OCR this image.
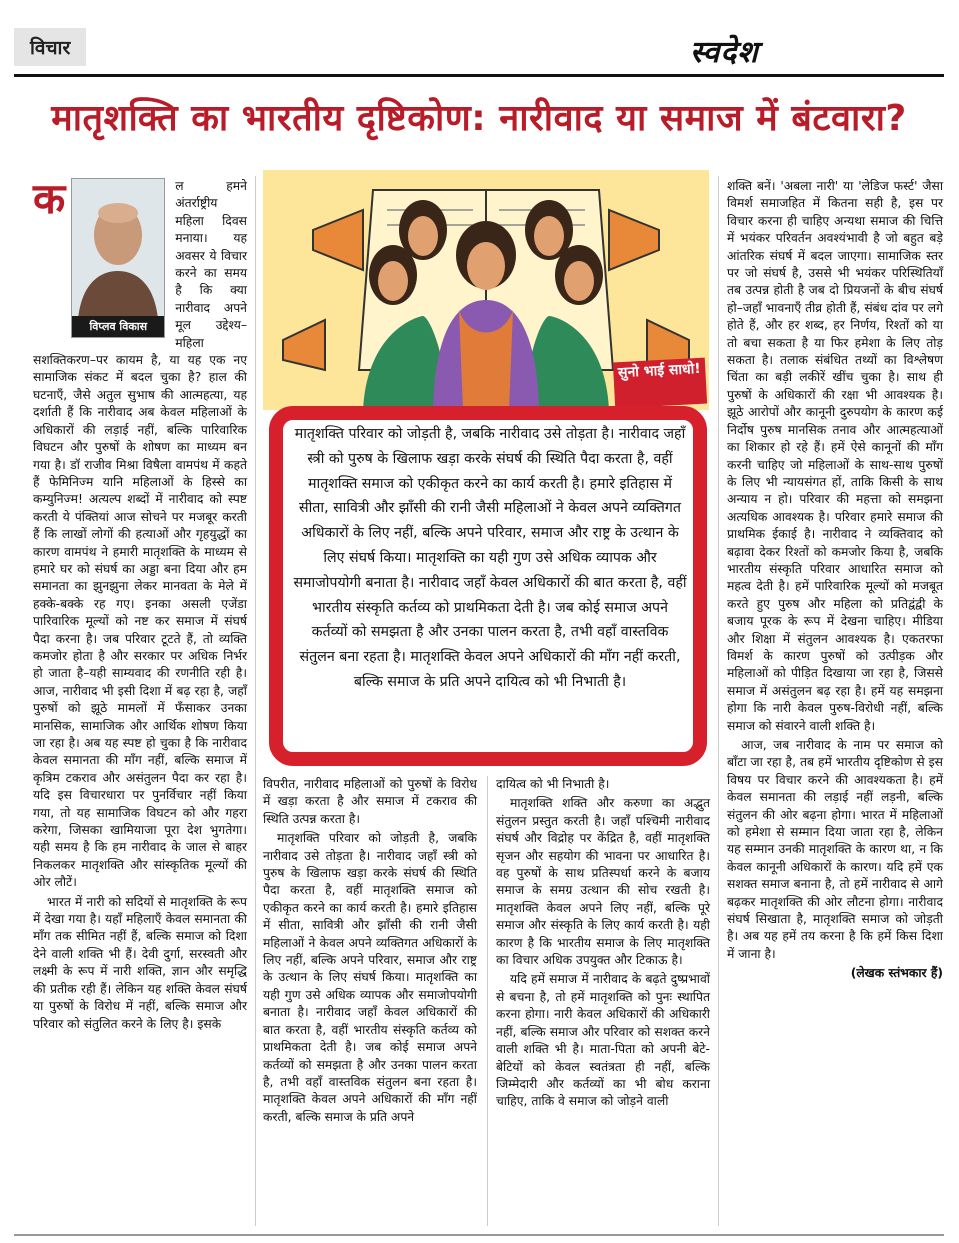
विचार	स्वदेश
मातृशक्ति का भारतीय दृष्टिकोण: नारीवाद या समाज में बंटवारा?

क
विप्लव विकास
ल हमने अंतर्राष्ट्रीय महिला दिवस मनाया। यह अवसर ये विचार करने का समय है कि क्या नारीवाद अपने मूल उद्देश्य–महिला सशक्तिकरण–पर कायम है, या यह एक नए सामाजिक संकट में बदल चुका है? हाल की घटनाएँ, जैसे अतुल सुभाष की आत्महत्या, यह दर्शाती हैं कि नारीवाद अब केवल महिलाओं के अधिकारों की लड़ाई नहीं, बल्कि पारिवारिक विघटन और पुरुषों के शोषण का माध्यम बन गया है। डॉ राजीव मिश्रा विषैला वामपंथ में कहते हैं फेमिनिज्म यानि महिलाओं के हिस्से का कम्युनिज्म! अत्यल्प शब्दों में नारीवाद को स्पष्ट करती ये पंक्तियां आज सोचने पर मजबूर करती हैं कि लाखों लोगों की हत्याओं और गृहयुद्धों का कारण वामपंथ ने हमारी मातृशक्ति के माध्यम से हमारे घर को संघर्ष का अड्डा बना दिया और हम समानता का झुनझुना लेकर मानवता के मेले में हक्के-बक्के रह गए। इनका असली एजेंडा पारिवारिक मूल्यों को नष्ट कर समाज में संघर्ष पैदा करना है। जब परिवार टूटते हैं, तो व्यक्ति कमजोर होता है और सरकार पर अधिक निर्भर हो जाता है–यही साम्यवाद की रणनीति रही है। आज, नारीवाद भी इसी दिशा में बढ़ रहा है, जहाँ पुरुषों को झूठे मामलों में फँसाकर उनका मानसिक, सामाजिक और आर्थिक शोषण किया जा रहा है। अब यह स्पष्ट हो चुका है कि नारीवाद केवल समानता की माँग नहीं, बल्कि समाज में कृत्रिम टकराव और असंतुलन पैदा कर रहा है। यदि इस विचारधारा पर पुनर्विचार नहीं किया गया, तो यह सामाजिक विघटन को और गहरा करेगा, जिसका खामियाजा पूरा देश भुगतेगा। यही समय है कि हम नारीवाद के जाल से बाहर निकलकर मातृशक्ति और सांस्कृतिक मूल्यों की ओर लौटें।

भारत में नारी को सदियों से मातृशक्ति के रूप में देखा गया है। यहाँ महिलाएँ केवल समानता की माँग तक सीमित नहीं हैं, बल्कि समाज को दिशा देने वाली शक्ति भी हैं। देवी दुर्गा, सरस्वती और लक्ष्मी के रूप में नारी शक्ति, ज्ञान और समृद्धि की प्रतीक रही हैं। लेकिन यह शक्ति केवल संघर्ष या पुरुषों के विरोध में नहीं, बल्कि समाज और परिवार को संतुलित करने के लिए है। इसके

सुनो भाई साधो!
मातृशक्ति परिवार को जोड़ती है, जबकि नारीवाद उसे तोड़ता है। नारीवाद जहाँ स्त्री को पुरुष के खिलाफ खड़ा करके संघर्ष की स्थिति पैदा करता है, वहीं मातृशक्ति समाज को एकीकृत करने का कार्य करती है। हमारे इतिहास में सीता, सावित्री और झाँसी की रानी जैसी महिलाओं ने केवल अपने व्यक्तिगत अधिकारों के लिए नहीं, बल्कि अपने परिवार, समाज और राष्ट्र के उत्थान के लिए संघर्ष किया। मातृशक्ति का यही गुण उसे अधिक व्यापक और समाजोपयोगी बनाता है। नारीवाद जहाँ केवल अधिकारों की बात करता है, वहीं भारतीय संस्कृति कर्तव्य को प्राथमिकता देती है। जब कोई समाज अपने कर्तव्यों को समझता है और उनका पालन करता है, तभी वहाँ वास्तविक संतुलन बना रहता है। मातृशक्ति केवल अपने अधिकारों की माँग नहीं करती, बल्कि समाज के प्रति अपने दायित्व को भी निभाती है।

विपरीत, नारीवाद महिलाओं को पुरुषों के विरोध में खड़ा करता है और समाज में टकराव की स्थिति उत्पन्न करता है।

मातृशक्ति परिवार को जोड़ती है, जबकि नारीवाद उसे तोड़ता है। नारीवाद जहाँ स्त्री को पुरुष के खिलाफ खड़ा करके संघर्ष की स्थिति पैदा करता है, वहीं मातृशक्ति समाज को एकीकृत करने का कार्य करती है। हमारे इतिहास में सीता, सावित्री और झाँसी की रानी जैसी महिलाओं ने केवल अपने व्यक्तिगत अधिकारों के लिए नहीं, बल्कि अपने परिवार, समाज और राष्ट्र के उत्थान के लिए संघर्ष किया। मातृशक्ति का यही गुण उसे अधिक व्यापक और समाजोपयोगी बनाता है। नारीवाद जहाँ केवल अधिकारों की बात करता है, वहीं भारतीय संस्कृति कर्तव्य को प्राथमिकता देती है। जब कोई समाज अपने कर्तव्यों को समझता है और उनका पालन करता है, तभी वहाँ वास्तविक संतुलन बना रहता है। मातृशक्ति केवल अपने अधिकारों की माँग नहीं करती, बल्कि समाज के प्रति अपने

दायित्व को भी निभाती है।

मातृशक्ति शक्ति और करुणा का अद्भुत संतुलन प्रस्तुत करती है। जहाँ पश्चिमी नारीवाद संघर्ष और विद्रोह पर केंद्रित है, वहीं मातृशक्ति सृजन और सहयोग की भावना पर आधारित है। वह पुरुषों के साथ प्रतिस्पर्धा करने के बजाय समाज के समग्र उत्थान की सोच रखती है। मातृशक्ति केवल अपने लिए नहीं, बल्कि पूरे समाज और संस्कृति के लिए कार्य करती है। यही कारण है कि भारतीय समाज के लिए मातृशक्ति का विचार अधिक उपयुक्त और टिकाऊ है।

यदि हमें समाज में नारीवाद के बढ़ते दुष्प्रभावों से बचना है, तो हमें मातृशक्ति को पुनः स्थापित करना होगा। नारी केवल अधिकारों की अधिकारी नहीं, बल्कि समाज और परिवार को सशक्त करने वाली शक्ति भी है। माता-पिता को अपनी बेटे-बेटियों को केवल स्वतंत्रता ही नहीं, बल्कि जिम्मेदारी और कर्तव्यों का भी बोध कराना चाहिए, ताकि वे समाज को जोड़ने वाली

शक्ति बनें। 'अबला नारी' या 'लेडिज फर्स्ट' जैसा विमर्श समाजहित में कितना सही है, इस पर विचार करना ही चाहिए अन्यथा समाज की चित्ति में भयंकर परिवर्तन अवश्यंभावी है जो बहुत बड़े आंतरिक संघर्ष में बदल जाएगा। सामाजिक स्तर पर जो संघर्ष है, उससे भी भयंकर परिस्थितियाँ तब उत्पन्न होती है जब दो प्रियजनों के बीच संघर्ष हो–जहाँ भावनाएँ तीव्र होती हैं, संबंध दांव पर लगे होते हैं, और हर शब्द, हर निर्णय, रिश्तों को या तो बचा सकता है या फिर हमेशा के लिए तोड़ सकता है। तलाक संबंधित तथ्यों का विश्लेषण चिंता का बड़ी लकीरें खींच चुका है। साथ ही पुरुषों के अधिकारों की रक्षा भी आवश्यक है। झूठे आरोपों और कानूनी दुरुपयोग के कारण कई निर्दोष पुरुष मानसिक तनाव और आत्महत्याओं का शिकार हो रहे हैं। हमें ऐसे कानूनों की माँग करनी चाहिए जो महिलाओं के साथ-साथ पुरुषों के लिए भी न्यायसंगत हों, ताकि किसी के साथ अन्याय न हो। परिवार की महत्ता को समझना अत्यधिक आवश्यक है। परिवार हमारे समाज की प्राथमिक ईकाई है। नारीवाद ने व्यक्तिवाद को बढ़ावा देकर रिश्तों को कमजोर किया है, जबकि भारतीय संस्कृति परिवार आधारित समाज को महत्व देती है। हमें पारिवारिक मूल्यों को मजबूत करते हुए पुरुष और महिला को प्रतिद्वंद्वी के बजाय पूरक के रूप में देखना चाहिए। मीडिया और शिक्षा में संतुलन आवश्यक है। एकतरफा विमर्श के कारण पुरुषों को उत्पीड़क और महिलाओं को पीड़ित दिखाया जा रहा है, जिससे समाज में असंतुलन बढ़ रहा है। हमें यह समझना होगा कि नारी केवल पुरुष-विरोधी नहीं, बल्कि समाज को संवारने वाली शक्ति है।

आज, जब नारीवाद के नाम पर समाज को बाँटा जा रहा है, तब हमें भारतीय दृष्टिकोण से इस विषय पर विचार करने की आवश्यकता है। हमें केवल समानता की लड़ाई नहीं लड़नी, बल्कि संतुलन की ओर बढ़ना होगा। भारत में महिलाओं को हमेशा से सम्मान दिया जाता रहा है, लेकिन यह सम्मान उनकी मातृशक्ति के कारण था, न कि केवल कानूनी अधिकारों के कारण। यदि हमें एक सशक्त समाज बनाना है, तो हमें नारीवाद से आगे बढ़कर मातृशक्ति की ओर लौटना होगा। नारीवाद संघर्ष सिखाता है, मातृशक्ति समाज को जोड़ती है। अब यह हमें तय करना है कि हमें किस दिशा में जाना है।

(लेखक स्तंभकार हैं)
